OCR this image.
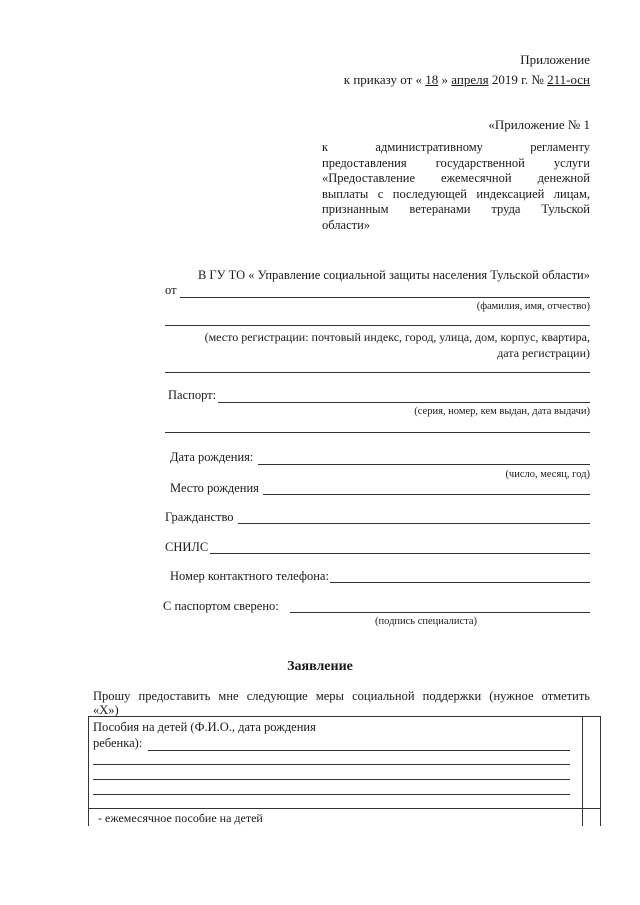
Приложение
к приказу от « 18 » апреля 2019 г. № 211-осн
«Приложение № 1
к административному регламенту
предоставления государственной услуги
«Предоставление ежемесячной денежной
выплаты с последующей индексацией лицам,
признанным ветеранами труда Тульской
области»
В ГУ ТО « Управление социальной защиты населения Тульской области»
от
(фамилия, имя, отчество)
(место регистрации: почтовый индекс, город, улица, дом, корпус, квартира,
дата регистрации)
Паспорт:
(серия, номер, кем выдан, дата выдачи)
Дата рождения:
(число, месяц, год)
Место рождения
Гражданство
СНИЛС
Номер контактного телефона:
С паспортом сверено:
(подпись специалиста)
Заявление
Прошу предоставить мне следующие меры социальной поддержки (нужное отметить
«Х»)
Пособия на детей (Ф.И.О., дата рождения
ребенка):
- ежемесячное пособие на детей
